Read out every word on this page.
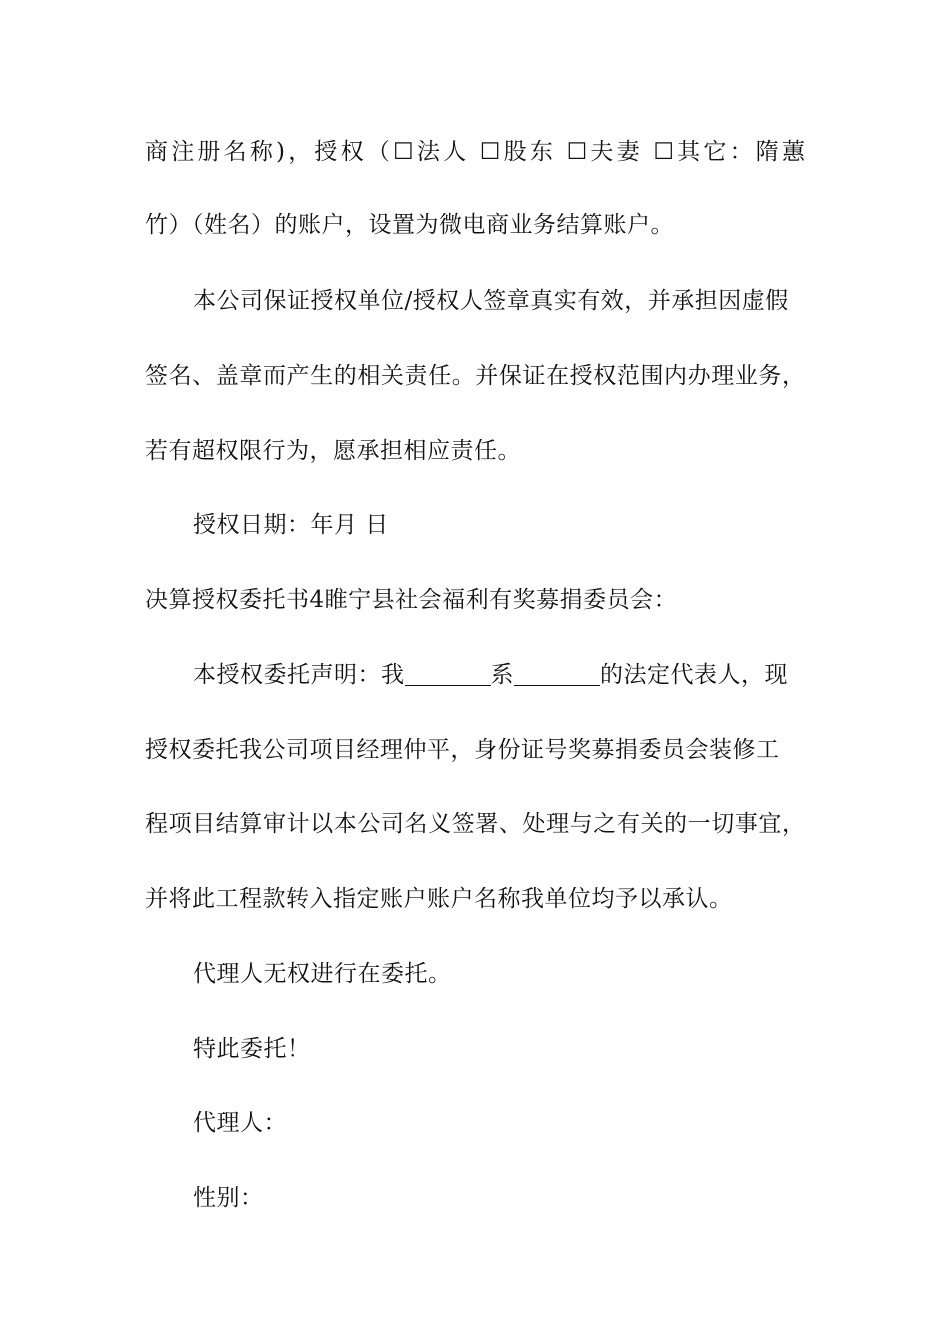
商注册名称)，授权（☐法人 ☐股东 ☐夫妻 ☐其它：隋蕙
竹）（姓名）的账户，设置为微电商业务结算账户。
本公司保证授权单位/授权人签章真实有效，并承担因虚假
签名、盖章而产生的相关责任。并保证在授权范围内办理业务，
若有超权限行为，愿承担相应责任。
授权日期：年月 日
决算授权委托书4睢宁县社会福利有奖募捐委员会：
本授权委托声明：我	系	的法定代表人，现
授权委托我公司项目经理仲平，身份证号奖募捐委员会装修工
程项目结算审计以本公司名义签署、处理与之有关的一切事宜，
并将此工程款转入指定账户账户名称我单位均予以承认。
代理人无权进行在委托。
特此委托！
代理人：
性别：
